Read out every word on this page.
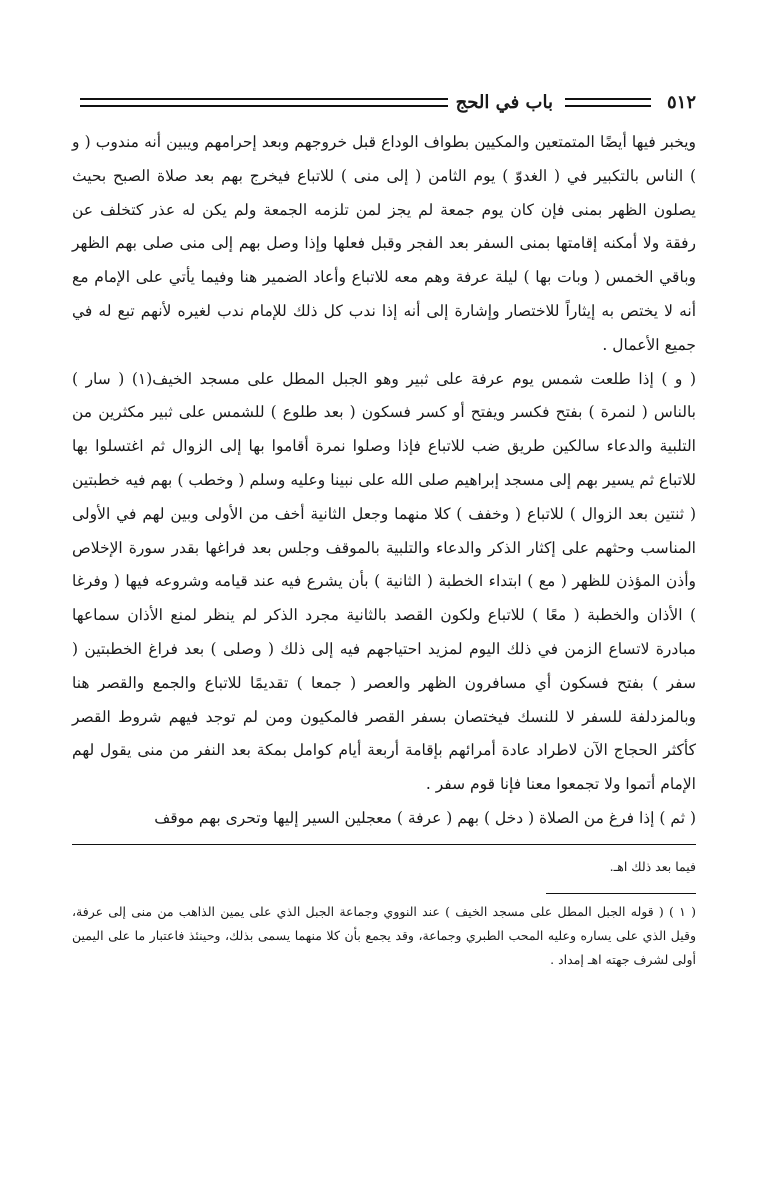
٥١٢
باب في الحج

ويخبر فيها أيضًا المتمتعين والمكيين بطواف الوداع قبل خروجهم وبعد إحرامهم ويبين أنه مندوب ( و ) الناس بالتكبير في ( الغدوّ ) يوم الثامن ( إلى منى ) للاتباع فيخرج بهم بعد صلاة الصبح بحيث يصلون الظهر بمنى فإن كان يوم جمعة لم يجز لمن تلزمه الجمعة ولم يكن له عذر كتخلف عن رفقة ولا أمكنه إقامتها بمنى السفر بعد الفجر وقبل فعلها وإذا وصل بهم إلى منى صلى بهم الظهر وباقي الخمس ( وبات بها ) ليلة عرفة وهم معه للاتباع وأعاد الضمير هنا وفيما يأتي على الإمام مع أنه لا يختص به إيثاراً للاختصار وإشارة إلى أنه إذا ندب كل ذلك للإمام ندب لغيره لأنهم تبع له في جميع الأعمال .

( و ) إذا طلعت شمس يوم عرفة على ثبير وهو الجبل المطل على مسجد الخيف(١) ( سار ) بالناس ( لنمرة ) بفتح فكسر ويفتح أو كسر فسكون ( بعد طلوع ) للشمس على ثبير مكثرين من التلبية والدعاء سالكين طريق ضب للاتباع فإذا وصلوا نمرة أقاموا بها إلى الزوال ثم اغتسلوا بها للاتباع ثم يسير بهم إلى مسجد إبراهيم صلى الله على نبينا وعليه وسلم ( وخطب ) بهم فيه خطبتين ( ثنتين بعد الزوال ) للاتباع ( وخفف ) كلا منهما وجعل الثانية أخف من الأولى وبين لهم في الأولى المناسب وحثهم على إكثار الذكر والدعاء والتلبية بالموقف وجلس بعد فراغها بقدر سورة الإخلاص وأذن المؤذن للظهر ( مع ) ابتداء الخطبة ( الثانية ) بأن يشرع فيه عند قيامه وشروعه فيها ( وفرغا ) الأذان والخطبة ( معًا ) للاتباع ولكون القصد بالثانية مجرد الذكر لم ينظر لمنع الأذان سماعها مبادرة لاتساع الزمن في ذلك اليوم لمزيد احتياجهم فيه إلى ذلك ( وصلى ) بعد فراغ الخطبتين ( سفر ) بفتح فسكون أي مسافرون الظهر والعصر ( جمعا ) تقديمًا للاتباع والجمع والقصر هنا وبالمزدلفة للسفر لا للنسك فيختصان بسفر القصر فالمكيون ومن لم توجد فيهم شروط القصر كأكثر الحجاج الآن لاطراد عادة أمرائهم بإقامة أربعة أيام كوامل بمكة بعد النفر من منى يقول لهم الإمام أتموا ولا تجمعوا معنا فإنا قوم سفر .

( ثم ) إذا فرغ من الصلاة ( دخل ) بهم ( عرفة ) معجلين السير إليها وتحرى بهم موقف

فيما بعد ذلك اهـ.
( ١ ) ( قوله الجبل المطل على مسجد الخيف ) عند النووي وجماعة الجبل الذي على يمين الذاهب من منى إلى عرفة، وقيل الذي على يساره وعليه المحب الطبري وجماعة، وقد يجمع بأن كلا منهما يسمى بذلك، وحينئذ فاعتبار ما على اليمين أولى لشرف جهته اهـ إمداد .
